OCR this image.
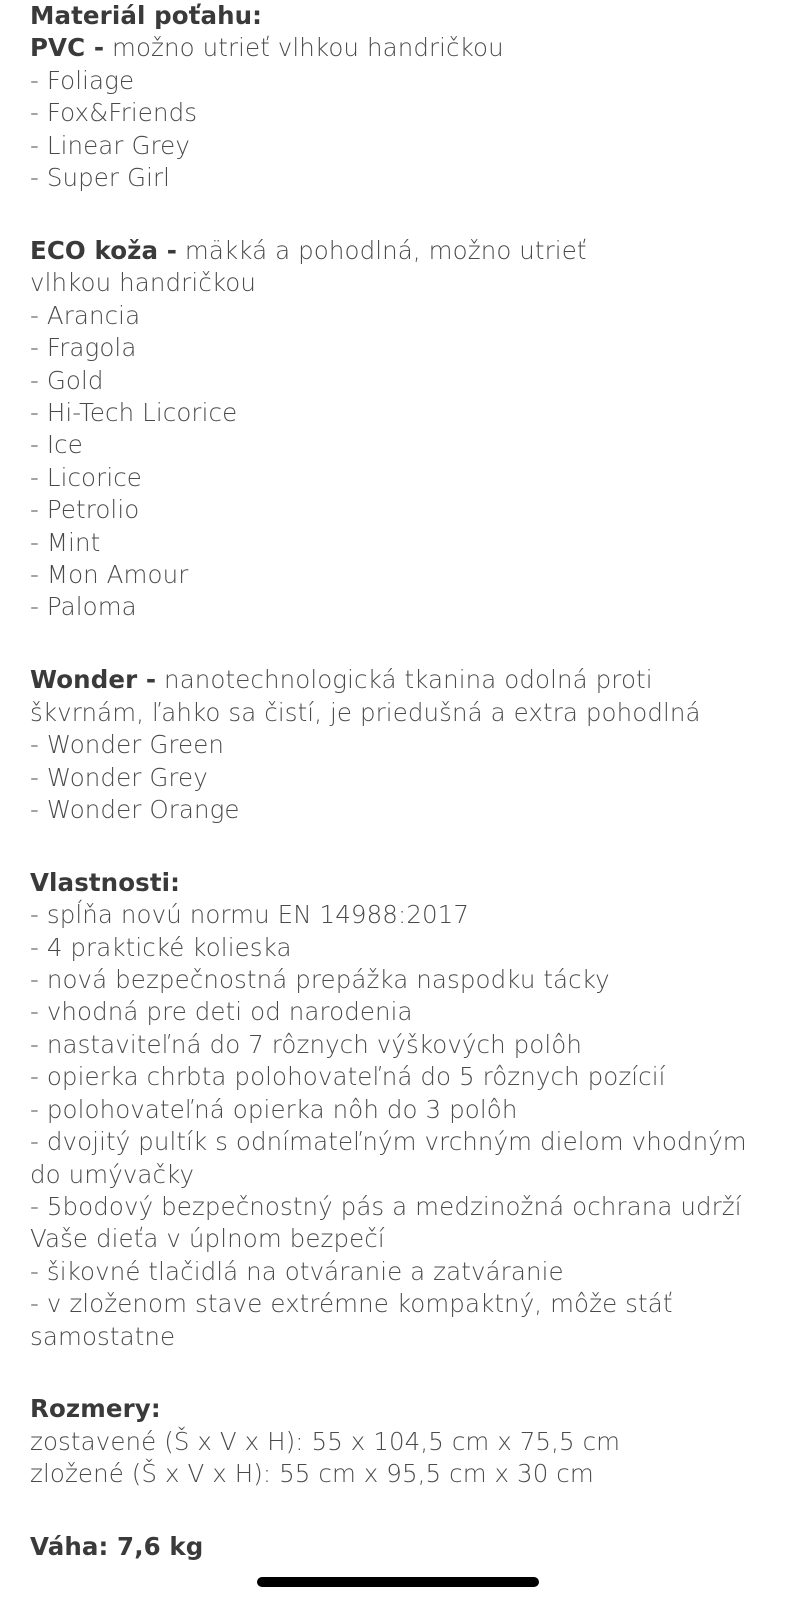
Materiál poťahu:
PVC - možno utrieť vlhkou handričkou
- Foliage
- Fox&Friends
- Linear Grey
- Super Girl
ECO koža - mäkká a pohodlná, možno utrieť vlhkou handričkou
- Arancia
- Fragola
- Gold
- Hi-Tech Licorice
- Ice
- Licorice
- Petrolio
- Mint
- Mon Amour
- Paloma
Wonder - nanotechnologická tkanina odolná proti škvrnám, ľahko sa čistí, je priedušná a extra pohodlná
- Wonder Green
- Wonder Grey
- Wonder Orange
Vlastnosti:
- spĺňa novú normu EN 14988:2017
- 4 praktické kolieska
- nová bezpečnostná prepážka naspodku tácky
- vhodná pre deti od narodenia
- nastaviteľná do 7 rôznych výškových polôh
- opierka chrbta polohovateľná do 5 rôznych pozícií
- polohovateľná opierka nôh do 3 polôh
- dvojitý pultík s odnímateľným vrchným dielom vhodným do umývačky
- 5bodový bezpečnostný pás a medzinožná ochrana udrží Vaše dieťa v úplnom bezpečí
- šikovné tlačidlá na otváranie a zatváranie
- v zloženom stave extrémne kompaktný, môže stáť samostatne
Rozmery:
zostavené (Š x V x H): 55 x 104,5 cm x 75,5 cm
zložené (Š x V x H): 55 cm x 95,5 cm x 30 cm
Váha: 7,6 kg
